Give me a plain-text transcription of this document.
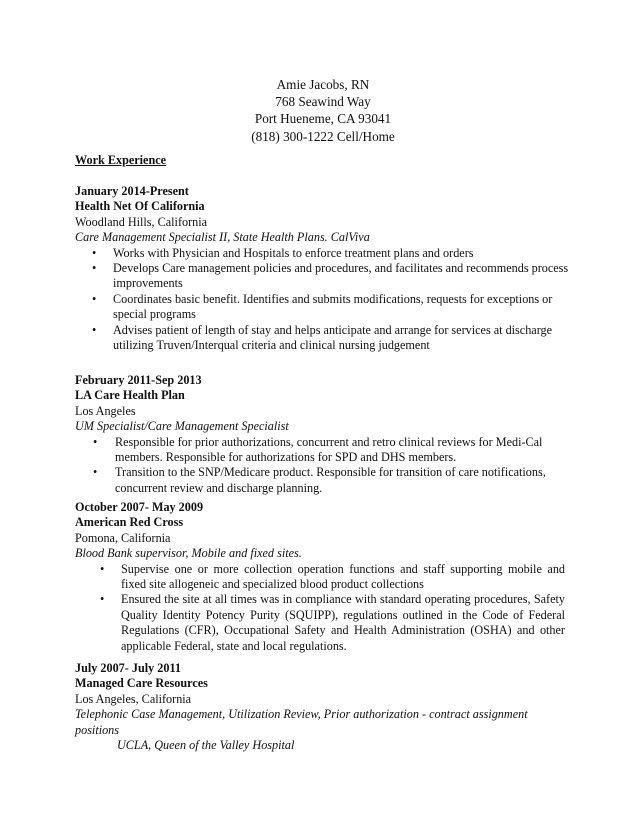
Amie Jacobs, RN
768 Seawind Way
Port Hueneme, CA 93041
(818) 300-1222 Cell/Home
Work Experience
January 2014-Present
Health Net Of California
Woodland Hills, California
Care Management Specialist II, State Health Plans. CalViva
• Works with Physician and Hospitals to enforce treatment plans and orders
• Develops Care management policies and procedures, and facilitates and recommends process improvements
• Coordinates basic benefit. Identifies and submits modifications, requests for exceptions or special programs
• Advises patient of length of stay and helps anticipate and arrange for services at discharge utilizing Truven/Interqual criteria and clinical nursing judgement
February 2011-Sep 2013
LA Care Health Plan
Los Angeles
UM Specialist/Care Management Specialist
• Responsible for prior authorizations, concurrent and retro clinical reviews for Medi-Cal members. Responsible for authorizations for SPD and DHS members.
• Transition to the SNP/Medicare product. Responsible for transition of care notifications, concurrent review and discharge planning.
October 2007- May 2009
American Red Cross
Pomona, California
Blood Bank supervisor, Mobile and fixed sites.
• Supervise one or more collection operation functions and staff supporting mobile and fixed site allogeneic and specialized blood product collections
• Ensured the site at all times was in compliance with standard operating procedures, Safety Quality Identity Potency Purity (SQUIPP), regulations outlined in the Code of Federal Regulations (CFR), Occupational Safety and Health Administration (OSHA) and other applicable Federal, state and local regulations.
July 2007- July 2011
Managed Care Resources
Los Angeles, California
Telephonic Case Management, Utilization Review, Prior authorization - contract assignment positions
UCLA, Queen of the Valley Hospital
